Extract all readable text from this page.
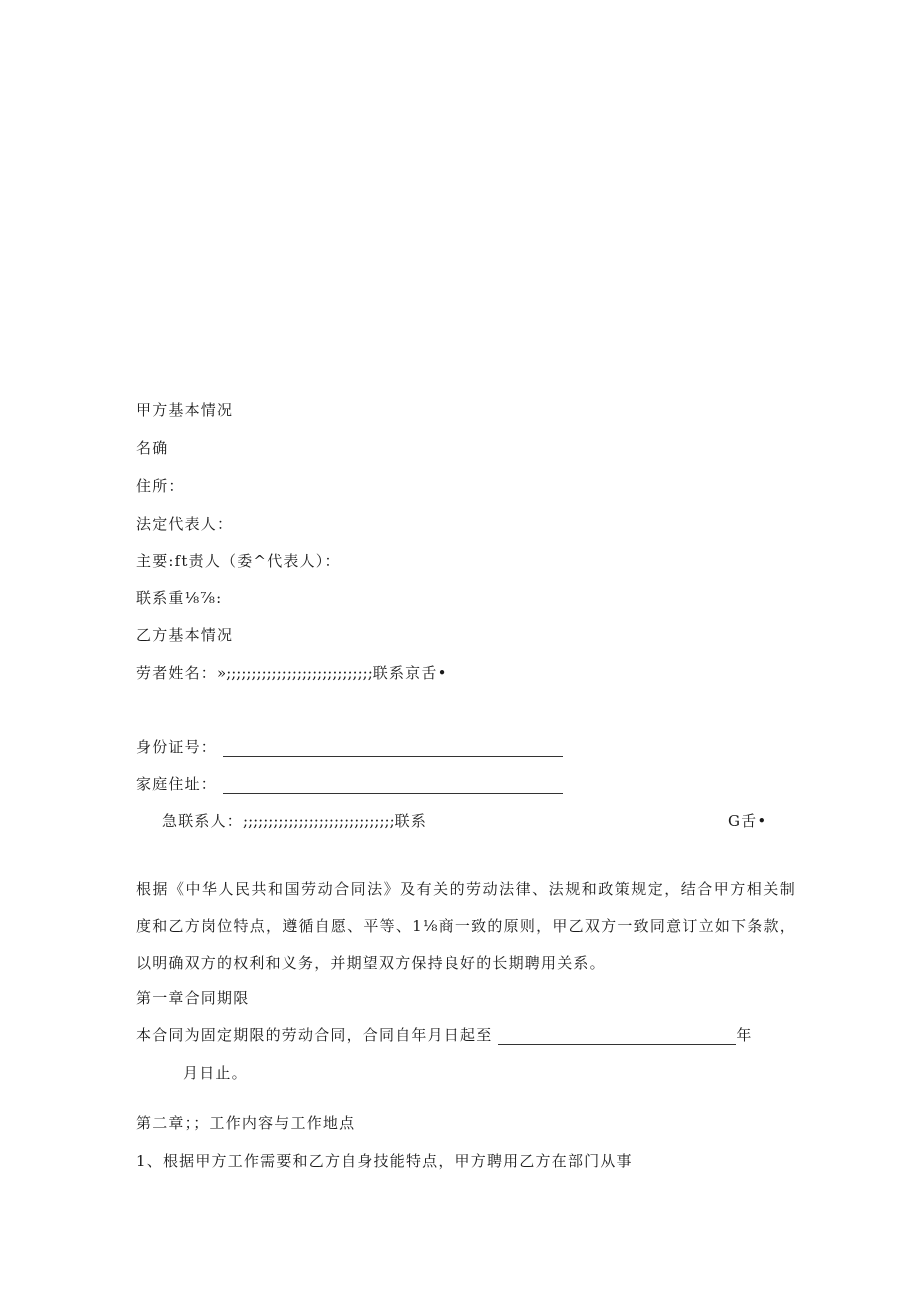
甲方基本情况
名确
住所：
法定代表人：
主要:ft责人（委^代表人）：
联系重⅛⅞:
乙方基本情况
劳者姓名：»;;;;;;;;;;;;;;;;;;;;;;;;;;;;;联系京舌•
身份证号：
家庭住址：
急联系人：;;;;;;;;;;;;;;;;;;;;;;;;;;;;;;联系	G舌•
根据《中华人民共和国劳动合同法》及有关的劳动法律、法规和政策规定，结合甲方相关制度和乙方岗位特点，遵循自愿、平等、1⅛商一致的原则，甲乙双方一致同意订立如下条款，以明确双方的权利和义务，并期望双方保持良好的长期聘用关系。
第一章合同期限
本合同为固定期限的劳动合同，合同自年月日起至	年
月日止。
第二章；；工作内容与工作地点
1、根据甲方工作需要和乙方自身技能特点，甲方聘用乙方在部门从事
